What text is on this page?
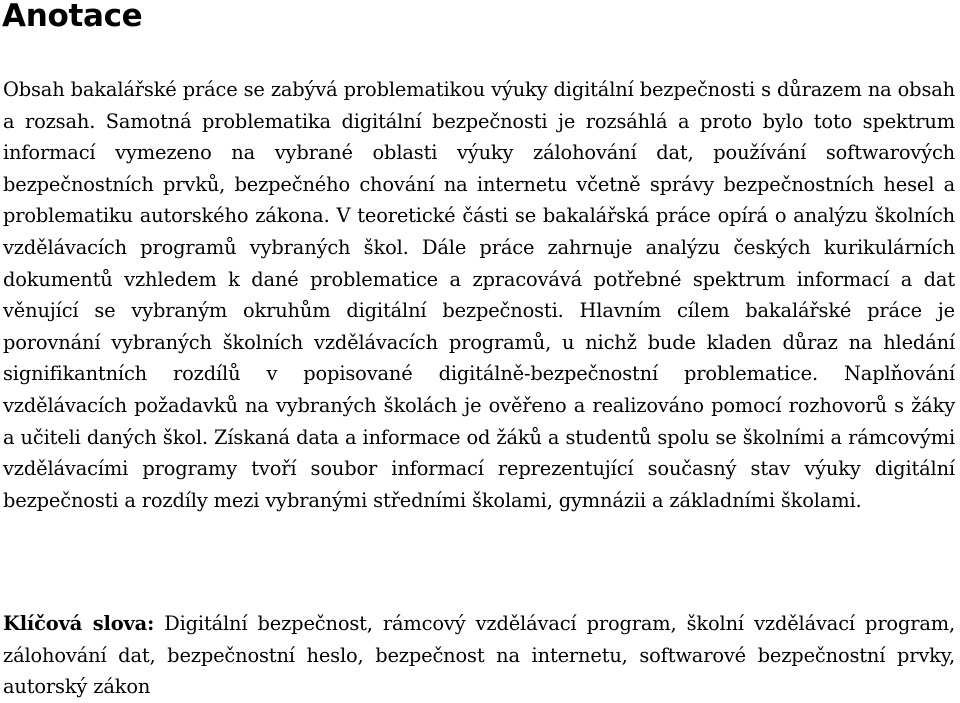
Anotace

Obsah bakalářské práce se zabývá problematikou výuky digitální bezpečnosti s důrazem na obsah a rozsah. Samotná problematika digitální bezpečnosti je rozsáhlá a proto bylo toto spektrum informací vymezeno na vybrané oblasti výuky zálohování dat, používání softwarových bezpečnostních prvků, bezpečného chování na internetu včetně správy bezpečnostních hesel a problematiku autorského zákona. V teoretické části se bakalářská práce opírá o analýzu školních vzdělávacích programů vybraných škol. Dále práce zahrnuje analýzu českých kurikulárních dokumentů vzhledem k dané problematice a zpracovává potřebné spektrum informací a dat věnující se vybraným okruhům digitální bezpečnosti. Hlavním cílem bakalářské práce je porovnání vybraných školních vzdělávacích programů, u nichž bude kladen důraz na hledání signifikantních rozdílů v popisované digitálně-bezpečnostní problematice. Naplňování vzdělávacích požadavků na vybraných školách je ověřeno a realizováno pomocí rozhovorů s žáky a učiteli daných škol. Získaná data a informace od žáků a studentů spolu se školními a rámcovými vzdělávacími programy tvoří soubor informací reprezentující současný stav výuky digitální bezpečnosti a rozdíly mezi vybranými středními školami, gymnázii a základními školami.

Klíčová slova: Digitální bezpečnost, rámcový vzdělávací program, školní vzdělávací program, zálohování dat, bezpečnostní heslo, bezpečnost na internetu, softwarové bezpečnostní prvky, autorský zákon
